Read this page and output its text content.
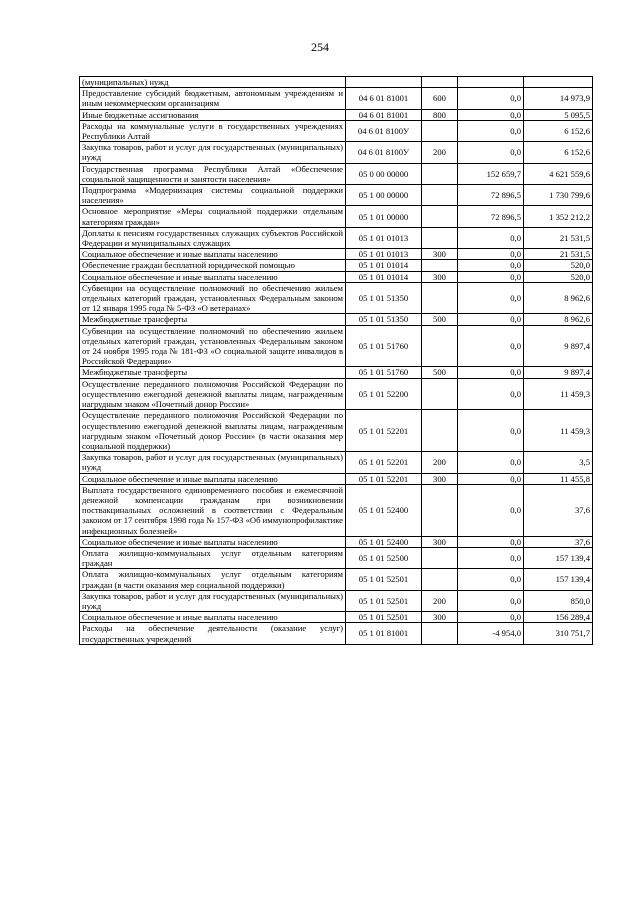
254
(муниципальных) нужд				
Предоставление субсидий бюджетным, автономным учреждениям и иным некоммерческим организациям	04 6 01 81001	600	0,0	14 973,9
Иные бюджетные ассигнования	04 6 01 81001	800	0,0	5 095,5
Расходы на коммунальные услуги в государственных учреждениях Республики Алтай	04 6 01 8100У		0,0	6 152,6
Закупка товаров, работ и услуг для государственных (муниципальных) нужд	04 6 01 8100У	200	0,0	6 152,6
Государственная программа Республики Алтай «Обеспечение социальной защищенности и занятости населения»	05 0 00 00000		152 659,7	4 621 559,6
Подпрограмма «Модернизация системы социальной поддержки населения»	05 1 00 00000		72 896,5	1 730 799,6
Основное мероприятие «Меры социальной поддержки отдельным категориям граждан»	05 1 01 00000		72 896,5	1 352 212,2
Доплаты к пенсиям государственных служащих субъектов Российской Федерации и муниципальных служащих	05 1 01 01013		0,0	21 531,5
Социальное обеспечение и иные выплаты населению	05 1 01 01013	300	0,0	21 531,5
Обеспечение граждан бесплатной юридической помощью	05 1 01 01014		0,0	520,0
Социальное обеспечение и иные выплаты населению	05 1 01 01014	300	0,0	520,0
Субвенции на осуществление полномочий по обеспечению жильем отдельных категорий граждан, установленных Федеральным законом от 12 января 1995 года № 5-ФЗ «О ветеранах»	05 1 01 51350		0,0	8 962,6
Межбюджетные трансферты	05 1 01 51350	500	0,0	8 962,6
Субвенции на осуществление полномочий по обеспечению жильем отдельных категорий граждан, установленных Федеральным законом от 24 ноября 1995 года № 181-ФЗ «О социальной защите инвалидов в Российской Федерации»	05 1 01 51760		0,0	9 897,4
Межбюджетные трансферты	05 1 01 51760	500	0,0	9 897,4
Осуществление переданного полномочия Российской Федерации по осуществлению ежегодной денежной выплаты лицам, награжденным нагрудным знаком «Почетный донор России»	05 1 01 52200		0,0	11 459,3
Осуществление переданного полномочия Российской Федерации по осуществлению ежегодной денежной выплаты лицам, награжденным нагрудным знаком «Почетный донор России» (в части оказания мер социальной поддержки)	05 1 01 52201		0,0	11 459,3
Закупка товаров, работ и услуг для государственных (муниципальных) нужд	05 1 01 52201	200	0,0	3,5
Социальное обеспечение и иные выплаты населению	05 1 01 52201	300	0,0	11 455,8
Выплата государственного единовременного пособия и ежемесячной денежной компенсации гражданам при возникновении поствакцинальных осложнений в соответствии с Федеральным законом от 17 сентября 1998 года № 157-ФЗ «Об иммунопрофилактике инфекционных болезней»	05 1 01 52400		0,0	37,6
Социальное обеспечение и иные выплаты населению	05 1 01 52400	300	0,0	37,6
Оплата жилищно-коммунальных услуг отдельным категориям граждан	05 1 01 52500		0,0	157 139,4
Оплата жилищно-коммунальных услуг отдельным категориям граждан (в части оказания мер социальной поддержки)	05 1 01 52501		0,0	157 139,4
Закупка товаров, работ и услуг для государственных (муниципальных) нужд	05 1 01 52501	200	0,0	850,0
Социальное обеспечение и иные выплаты населению	05 1 01 52501	300	0,0	156 289,4
Расходы на обеспечение деятельности (оказание услуг) государственных учреждений	05 1 01 81001		-4 954,0	310 751,7
